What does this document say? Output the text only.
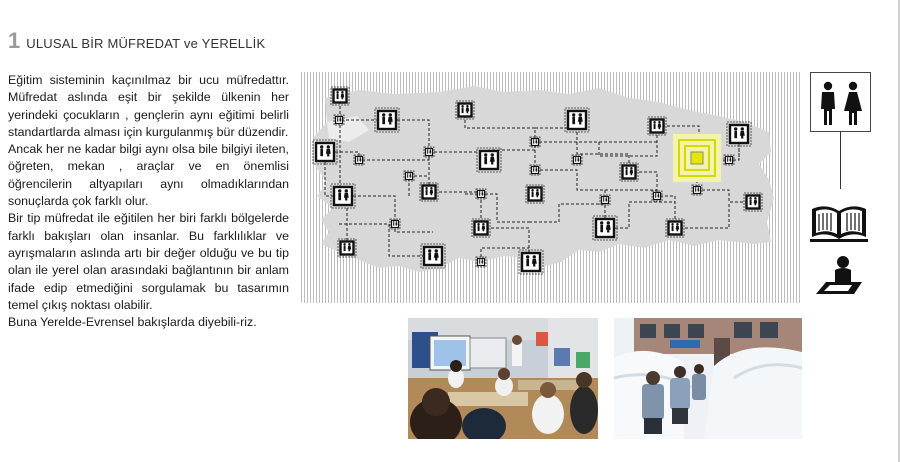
1 ULUSAL BİR MÜFREDAT ve YERELLİK

Eğitim sisteminin kaçınılmaz bir ucu müfredattır. Müfredat aslında eşit bir şekilde ülkenin her yerindeki çocukların , gençlerin aynı eğitimi belirli standartlarda alması için kurgulanmış bür düzendir.

Ancak her ne kadar bilgi aynı olsa bile bilgiyi ileten, öğreten, mekan , araçlar ve en önemlisi öğrencilerin altyapıları aynı olmadıklarından sonuçlarda çok farklı olur.

Bir tip müfredat ile eğitilen her biri farklı bölgelerde farklı bakışları olan insanlar. Bu farklılıklar ve ayrışmaların aslında artı bir değer olduğu ve bu tip olan ile yerel olan arasındaki bağlantının bir anlam ifade edip etmediğini sorgulamak bu tasarımın temel çıkış noktası olabilir.

Buna Yerelde-Evrensel bakışlarda diyebili-riz.
